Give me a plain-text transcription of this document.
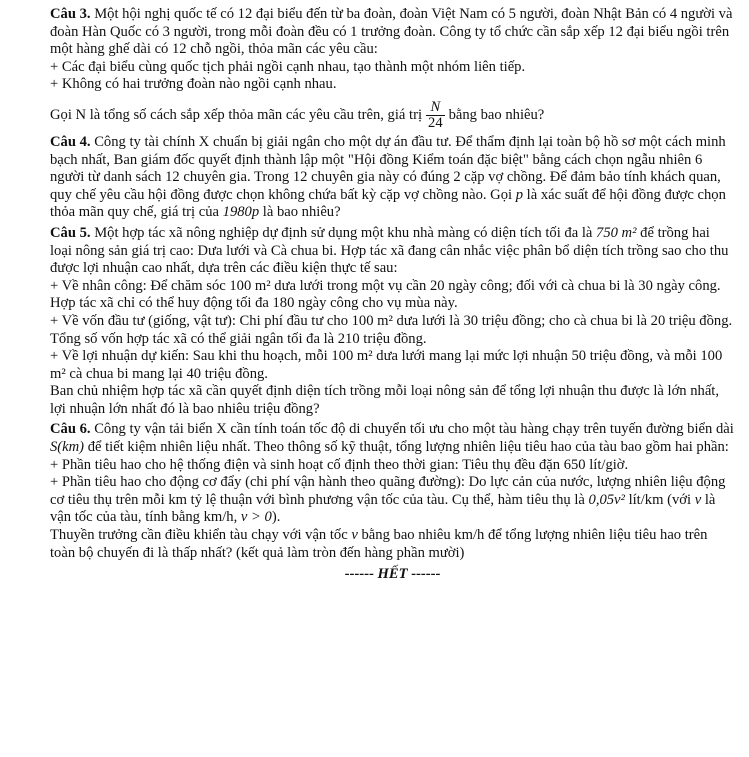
Câu 3. Một hội nghị quốc tế có 12 đại biểu đến từ ba đoàn, đoàn Việt Nam có 5 người, đoàn Nhật Bản có 4 người và đoàn Hàn Quốc có 3 người, trong mỗi đoàn đều có 1 trưởng đoàn. Công ty tổ chức cần sắp xếp 12 đại biểu ngồi trên một hàng ghế dài có 12 chỗ ngồi, thỏa mãn các yêu cầu:

+ Các đại biểu cùng quốc tịch phải ngồi cạnh nhau, tạo thành một nhóm liên tiếp.

+ Không có hai trưởng đoàn nào ngồi cạnh nhau.

Gọi N là tổng số cách sắp xếp thỏa mãn các yêu cầu trên, giá trị $\frac{N}{24}$ bằng bao nhiêu?

Câu 4. Công ty tài chính X chuẩn bị giải ngân cho một dự án đầu tư. Để thẩm định lại toàn bộ hồ sơ một cách minh bạch nhất, Ban giám đốc quyết định thành lập một "Hội đồng Kiểm toán đặc biệt" bằng cách chọn ngẫu nhiên 6 người từ danh sách 12 chuyên gia. Trong 12 chuyên gia này có đúng 2 cặp vợ chồng. Để đảm bảo tính khách quan, quy chế yêu cầu hội đồng được chọn không chứa bất kỳ cặp vợ chồng nào. Gọi p là xác suất để hội đồng được chọn thỏa mãn quy chế, giá trị của 1980p là bao nhiêu?

Câu 5. Một hợp tác xã nông nghiệp dự định sử dụng một khu nhà màng có diện tích tối đa là 750 m² để trồng hai loại nông sản giá trị cao: Dưa lưới và Cà chua bi. Hợp tác xã đang cân nhắc việc phân bổ diện tích trồng sao cho thu được lợi nhuận cao nhất, dựa trên các điều kiện thực tế sau:

+ Về nhân công: Để chăm sóc 100 m² dưa lưới trong một vụ cần 20 ngày công; đối với cà chua bi là 30 ngày công. Hợp tác xã chỉ có thể huy động tối đa 180 ngày công cho vụ mùa này.

+ Về vốn đầu tư (giống, vật tư): Chi phí đầu tư cho 100 m² dưa lưới là 30 triệu đồng; cho cà chua bi là 20 triệu đồng. Tổng số vốn hợp tác xã có thể giải ngân tối đa là 210 triệu đồng.

+ Về lợi nhuận dự kiến: Sau khi thu hoạch, mỗi 100 m² dưa lưới mang lại mức lợi nhuận 50 triệu đồng, và mỗi 100 m² cà chua bi mang lại 40 triệu đồng.

Ban chủ nhiệm hợp tác xã cần quyết định diện tích trồng mỗi loại nông sản để tổng lợi nhuận thu được là lớn nhất, lợi nhuận lớn nhất đó là bao nhiêu triệu đồng?

Câu 6. Công ty vận tải biển X cần tính toán tốc độ di chuyển tối ưu cho một tàu hàng chạy trên tuyến đường biển dài S(km) để tiết kiệm nhiên liệu nhất. Theo thông số kỹ thuật, tổng lượng nhiên liệu tiêu hao của tàu bao gồm hai phần:

+ Phần tiêu hao cho hệ thống điện và sinh hoạt cố định theo thời gian: Tiêu thụ đều đặn 650 lít/giờ.

+ Phần tiêu hao cho động cơ đẩy (chi phí vận hành theo quãng đường): Do lực cản của nước, lượng nhiên liệu động cơ tiêu thụ trên mỗi km tỷ lệ thuận với bình phương vận tốc của tàu. Cụ thể, hàm tiêu thụ là 0,05v² lít/km (với v là vận tốc của tàu, tính bằng km/h, v > 0).

Thuyền trưởng cần điều khiển tàu chạy với vận tốc v bằng bao nhiêu km/h để tổng lượng nhiên liệu tiêu hao trên toàn bộ chuyến đi là thấp nhất? (kết quả làm tròn đến hàng phần mười)

------ HẾT ------
